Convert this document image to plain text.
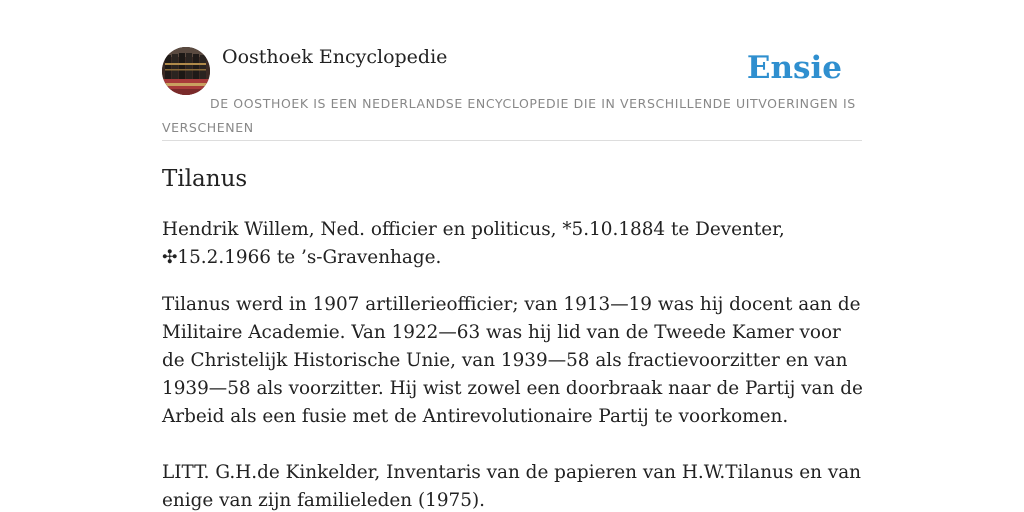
Oosthoek Encyclopedie	Ensie
DE OOSTHOEK IS EEN NEDERLANDSE ENCYCLOPEDIE DIE IN VERSCHILLENDE UITVOERINGEN IS VERSCHENEN
Tilanus

Hendrik Willem, Ned. officier en politicus, *5.10.1884 te Deventer, ✣15.2.1966 te ’s-Gravenhage.

Tilanus werd in 1907 artillerieofficier; van 1913—19 was hij docent aan de Militaire Academie. Van 1922—63 was hij lid van de Tweede Kamer voor de Christelijk Historische Unie, van 1939—58 als fractievoorzitter en van 1939—58 als voorzitter. Hij wist zowel een doorbraak naar de Partij van de Arbeid als een fusie met de Antirevolutionaire Partij te voorkomen.

LITT. G.H.de Kinkelder, Inventaris van de papieren van H.W.Tilanus en van enige van zijn familieleden (1975).
